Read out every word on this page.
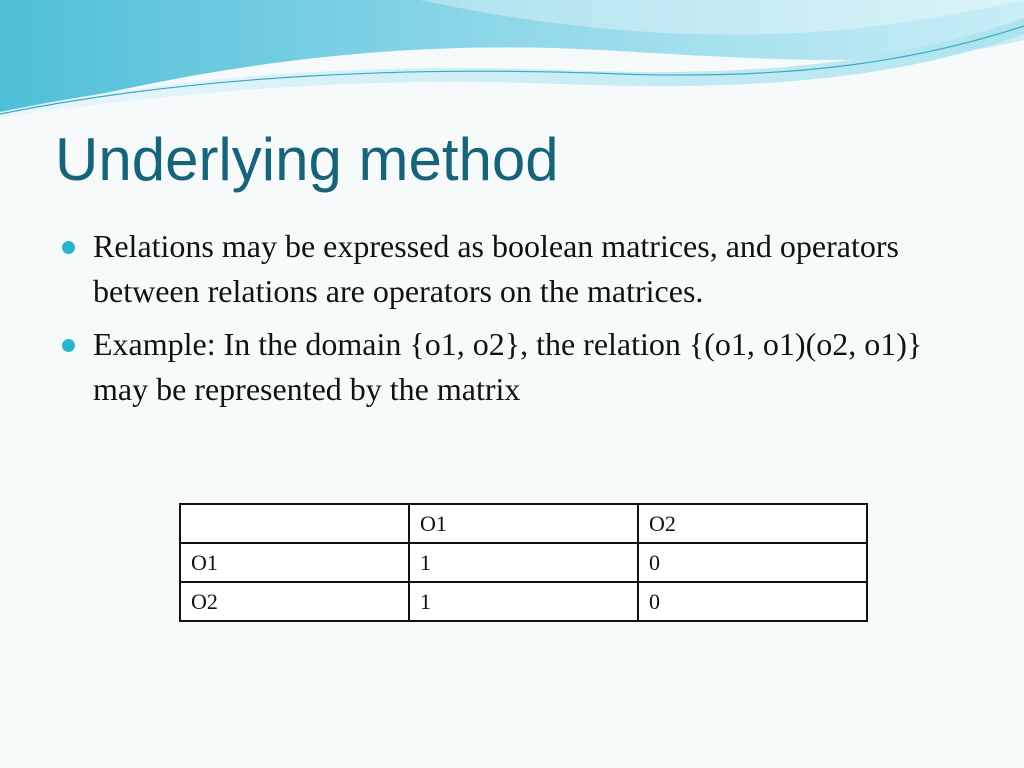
Underlying method
Relations may be expressed as boolean matrices, and operators between relations are operators on the matrices.
Example: In the domain {o1, o2}, the relation {(o1, o1)(o2, o1)} may be represented by the matrix
	O1	O2
O1	1	0
O2	1	0
